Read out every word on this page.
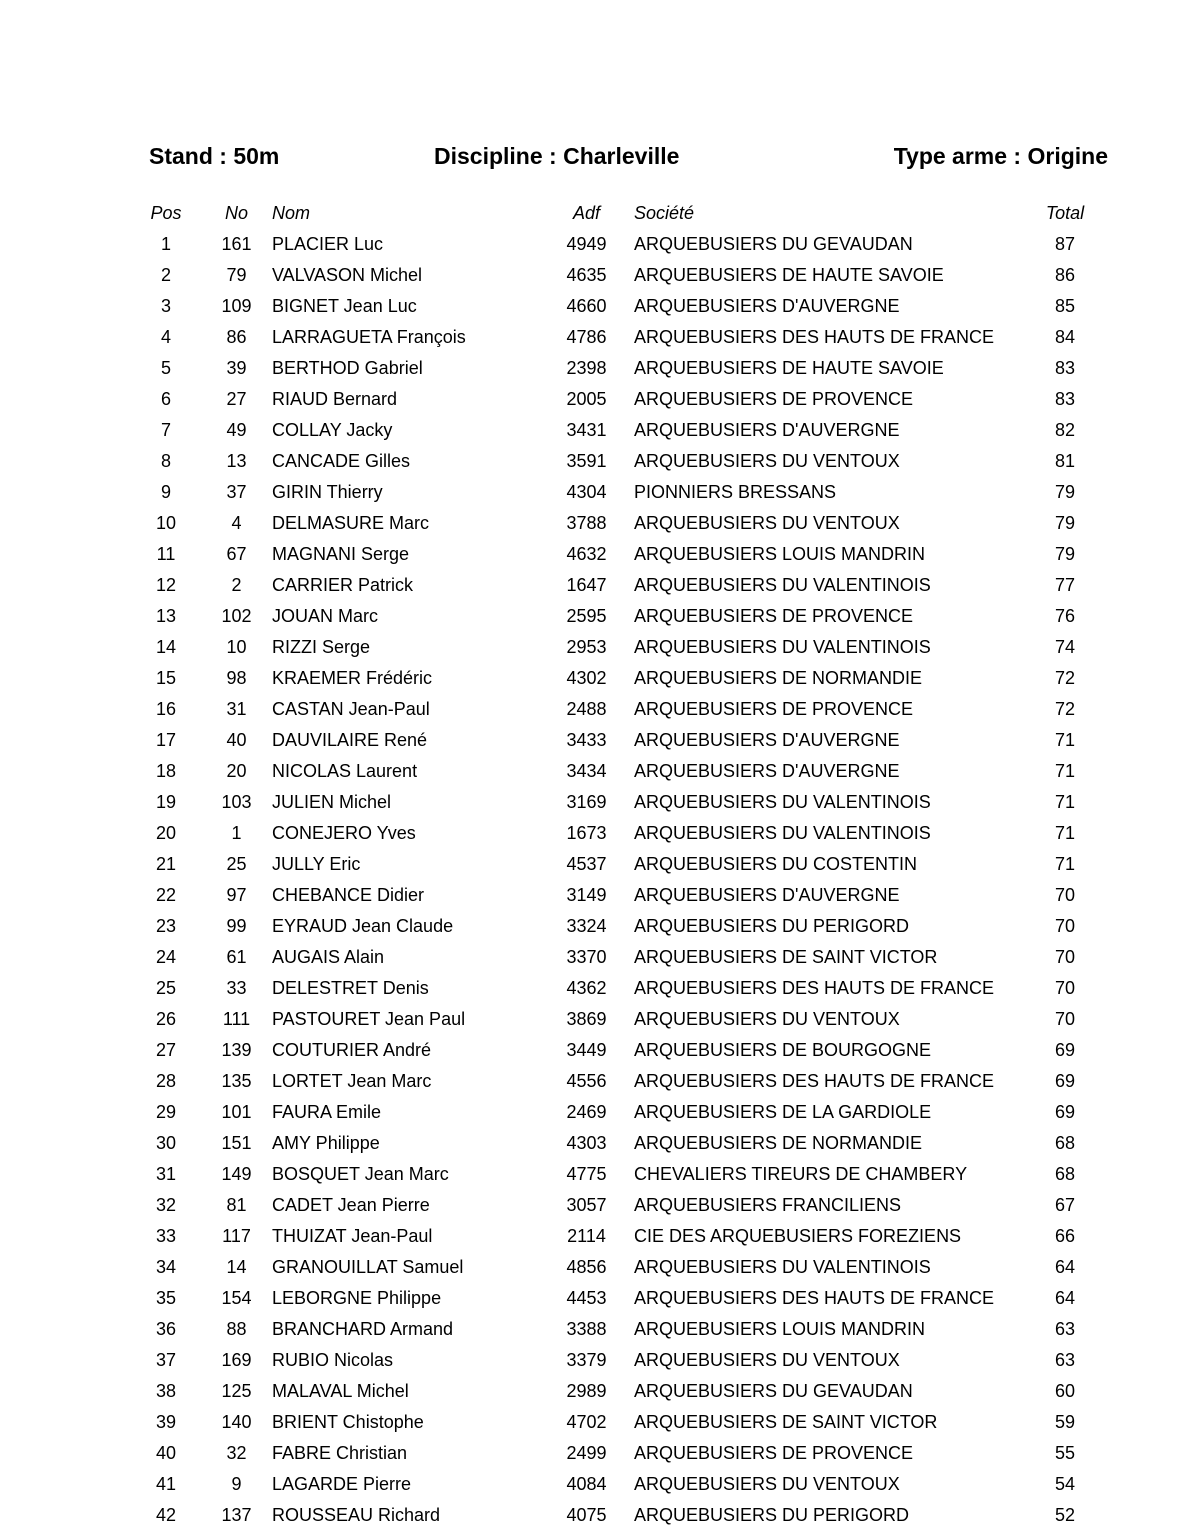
Stand : 50m	Discipline : Charleville	Type arme : Origine
Pos	No	Nom	Adf	Société	Total
1	161	PLACIER Luc	4949	ARQUEBUSIERS DU GEVAUDAN	87
2	79	VALVASON Michel	4635	ARQUEBUSIERS DE HAUTE SAVOIE	86
3	109	BIGNET Jean Luc	4660	ARQUEBUSIERS D'AUVERGNE	85
4	86	LARRAGUETA François	4786	ARQUEBUSIERS DES HAUTS DE FRANCE	84
5	39	BERTHOD Gabriel	2398	ARQUEBUSIERS DE HAUTE SAVOIE	83
6	27	RIAUD Bernard	2005	ARQUEBUSIERS DE PROVENCE	83
7	49	COLLAY Jacky	3431	ARQUEBUSIERS D'AUVERGNE	82
8	13	CANCADE Gilles	3591	ARQUEBUSIERS DU VENTOUX	81
9	37	GIRIN Thierry	4304	PIONNIERS BRESSANS	79
10	4	DELMASURE Marc	3788	ARQUEBUSIERS DU VENTOUX	79
11	67	MAGNANI Serge	4632	ARQUEBUSIERS LOUIS MANDRIN	79
12	2	CARRIER Patrick	1647	ARQUEBUSIERS DU VALENTINOIS	77
13	102	JOUAN Marc	2595	ARQUEBUSIERS DE PROVENCE	76
14	10	RIZZI Serge	2953	ARQUEBUSIERS DU VALENTINOIS	74
15	98	KRAEMER Frédéric	4302	ARQUEBUSIERS DE NORMANDIE	72
16	31	CASTAN Jean-Paul	2488	ARQUEBUSIERS DE PROVENCE	72
17	40	DAUVILAIRE René	3433	ARQUEBUSIERS D'AUVERGNE	71
18	20	NICOLAS Laurent	3434	ARQUEBUSIERS D'AUVERGNE	71
19	103	JULIEN Michel	3169	ARQUEBUSIERS DU VALENTINOIS	71
20	1	CONEJERO Yves	1673	ARQUEBUSIERS DU VALENTINOIS	71
21	25	JULLY Eric	4537	ARQUEBUSIERS DU COSTENTIN	71
22	97	CHEBANCE Didier	3149	ARQUEBUSIERS D'AUVERGNE	70
23	99	EYRAUD Jean Claude	3324	ARQUEBUSIERS DU PERIGORD	70
24	61	AUGAIS Alain	3370	ARQUEBUSIERS DE SAINT VICTOR	70
25	33	DELESTRET Denis	4362	ARQUEBUSIERS DES HAUTS DE FRANCE	70
26	111	PASTOURET Jean Paul	3869	ARQUEBUSIERS DU VENTOUX	70
27	139	COUTURIER André	3449	ARQUEBUSIERS DE BOURGOGNE	69
28	135	LORTET Jean Marc	4556	ARQUEBUSIERS DES HAUTS DE FRANCE	69
29	101	FAURA Emile	2469	ARQUEBUSIERS DE LA GARDIOLE	69
30	151	AMY Philippe	4303	ARQUEBUSIERS DE NORMANDIE	68
31	149	BOSQUET Jean Marc	4775	CHEVALIERS TIREURS DE CHAMBERY	68
32	81	CADET Jean Pierre	3057	ARQUEBUSIERS FRANCILIENS	67
33	117	THUIZAT Jean-Paul	2114	CIE DES ARQUEBUSIERS FOREZIENS	66
34	14	GRANOUILLAT Samuel	4856	ARQUEBUSIERS DU VALENTINOIS	64
35	154	LEBORGNE Philippe	4453	ARQUEBUSIERS DES HAUTS DE FRANCE	64
36	88	BRANCHARD Armand	3388	ARQUEBUSIERS LOUIS MANDRIN	63
37	169	RUBIO Nicolas	3379	ARQUEBUSIERS DU VENTOUX	63
38	125	MALAVAL Michel	2989	ARQUEBUSIERS DU GEVAUDAN	60
39	140	BRIENT Chistophe	4702	ARQUEBUSIERS DE SAINT VICTOR	59
40	32	FABRE Christian	2499	ARQUEBUSIERS DE PROVENCE	55
41	9	LAGARDE Pierre	4084	ARQUEBUSIERS DU VENTOUX	54
42	137	ROUSSEAU Richard	4075	ARQUEBUSIERS DU PERIGORD	52
